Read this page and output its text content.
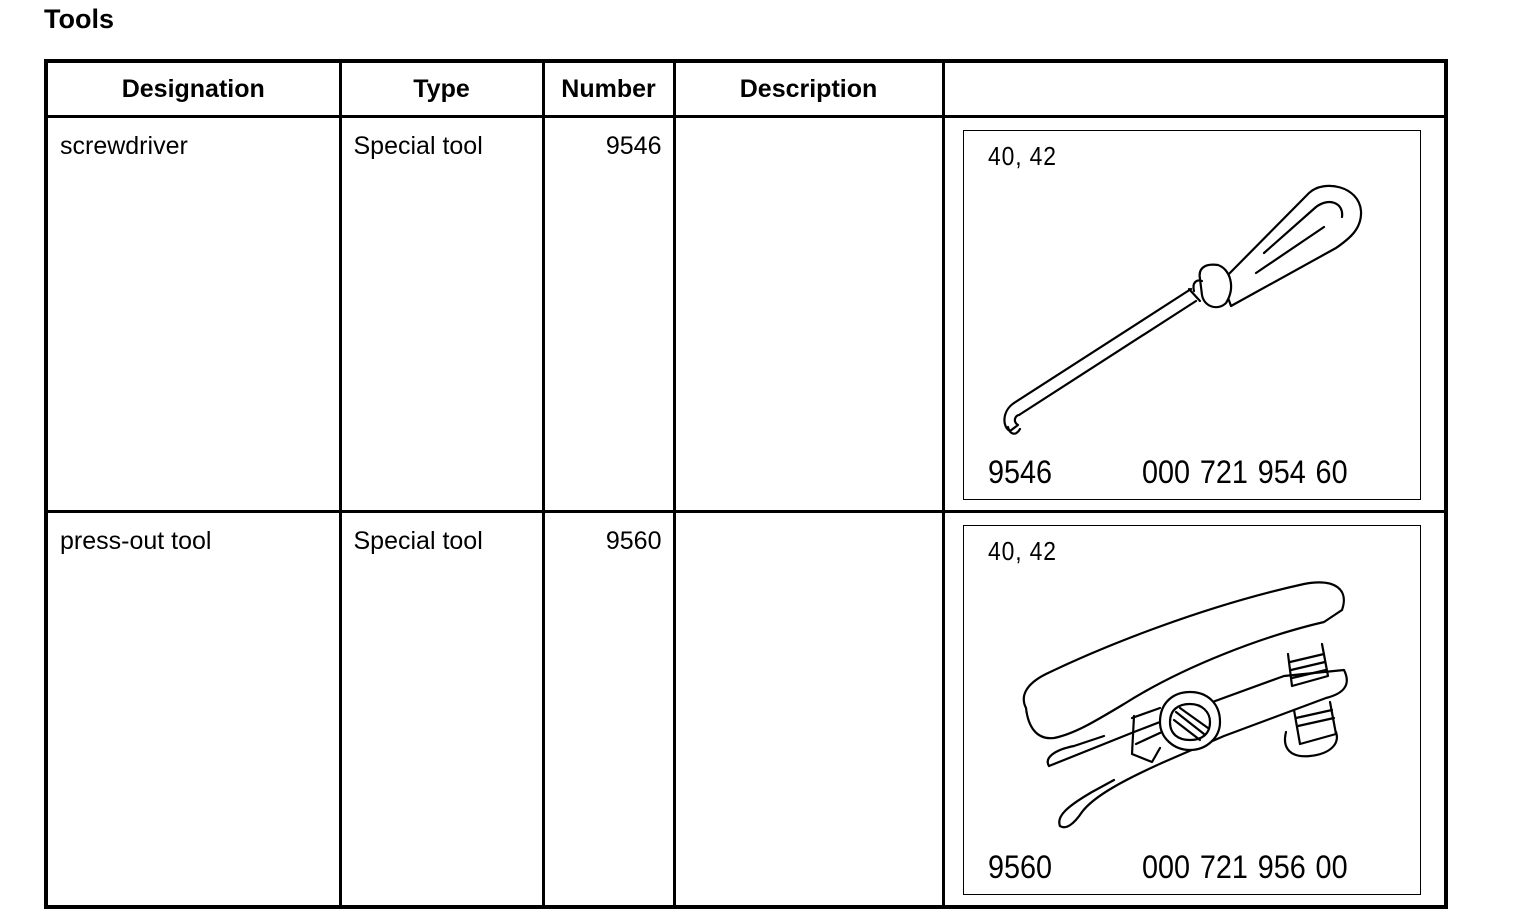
Tools
Designation	Type	Number	Description	

screwdriver	Special tool	9546		40, 42
9546 000 721 954 60

press-out tool	Special tool	9560		40, 42
9560 000 721 956 00
